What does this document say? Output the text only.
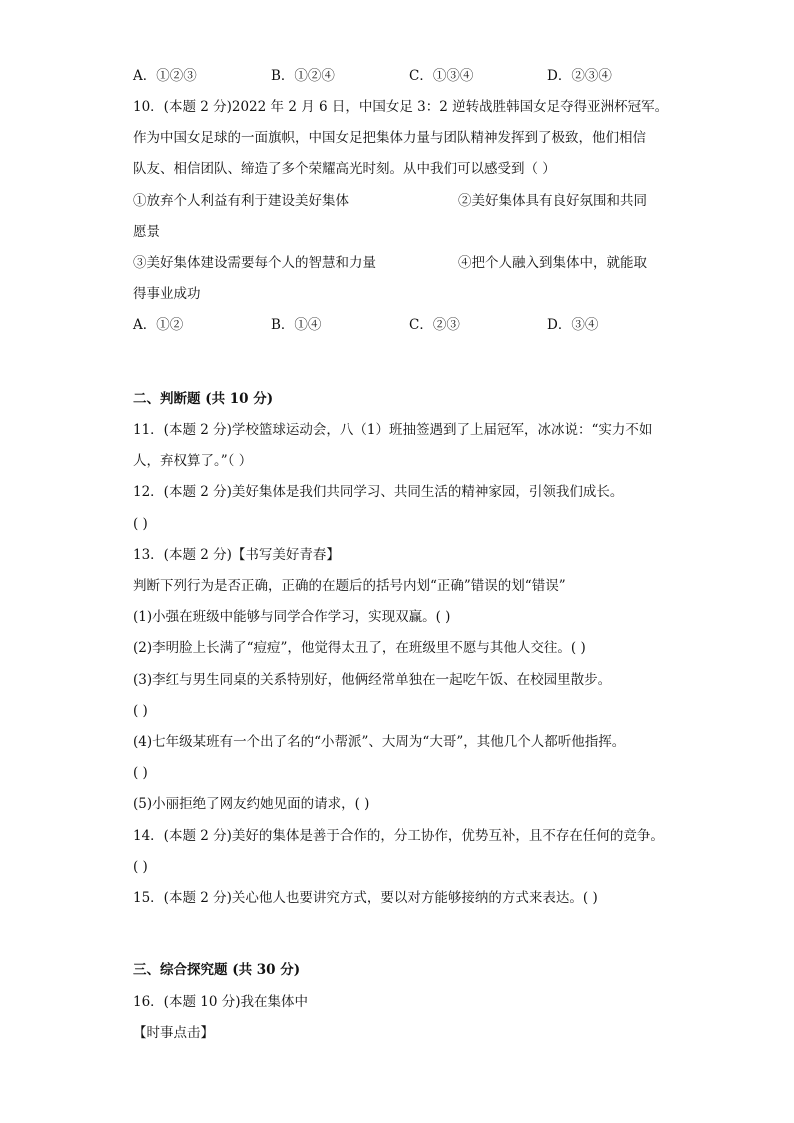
A．①②③	B．①②④	C．①③④	D．②③④
10．(本题 2 分)2022 年 2 月 6 日，中国女足 3：2 逆转战胜韩国女足夺得亚洲杯冠军。
作为中国女足球的一面旗帜，中国女足把集体力量与团队精神发挥到了极致，他们相信
队友、相信团队、缔造了多个荣耀高光时刻。从中我们可以感受到（ ）
①放弃个人利益有利于建设美好集体	②美好集体具有良好氛围和共同
愿景
③美好集体建设需要每个人的智慧和力量	④把个人融入到集体中，就能取
得事业成功
A．①②	B．①④	C．②③	D．③④
二、判断题 (共 10 分)
11．(本题 2 分)学校篮球运动会，八（1）班抽签遇到了上届冠军，冰冰说：“实力不如
人，弃权算了。”（ ）
12．(本题 2 分)美好集体是我们共同学习、共同生活的精神家园，引领我们成长。
( )
13．(本题 2 分)【书写美好青春】
判断下列行为是否正确，正确的在题后的括号内划“正确”错误的划“错误”
(1)小强在班级中能够与同学合作学习，实现双赢。( )
(2)李明脸上长满了“痘痘”，他觉得太丑了，在班级里不愿与其他人交往。( )
(3)李红与男生同桌的关系特别好，他俩经常单独在一起吃午饭、在校园里散步。
( )
(4)七年级某班有一个出了名的“小帮派”、大周为“大哥”，其他几个人都听他指挥。
( )
(5)小丽拒绝了网友约她见面的请求，( )
14．(本题 2 分)美好的集体是善于合作的，分工协作，优势互补，且不存在任何的竞争。
( )
15．(本题 2 分)关心他人也要讲究方式，要以对方能够接纳的方式来表达。( )
三、综合探究题 (共 30 分)
16．(本题 10 分)我在集体中
【时事点击】
